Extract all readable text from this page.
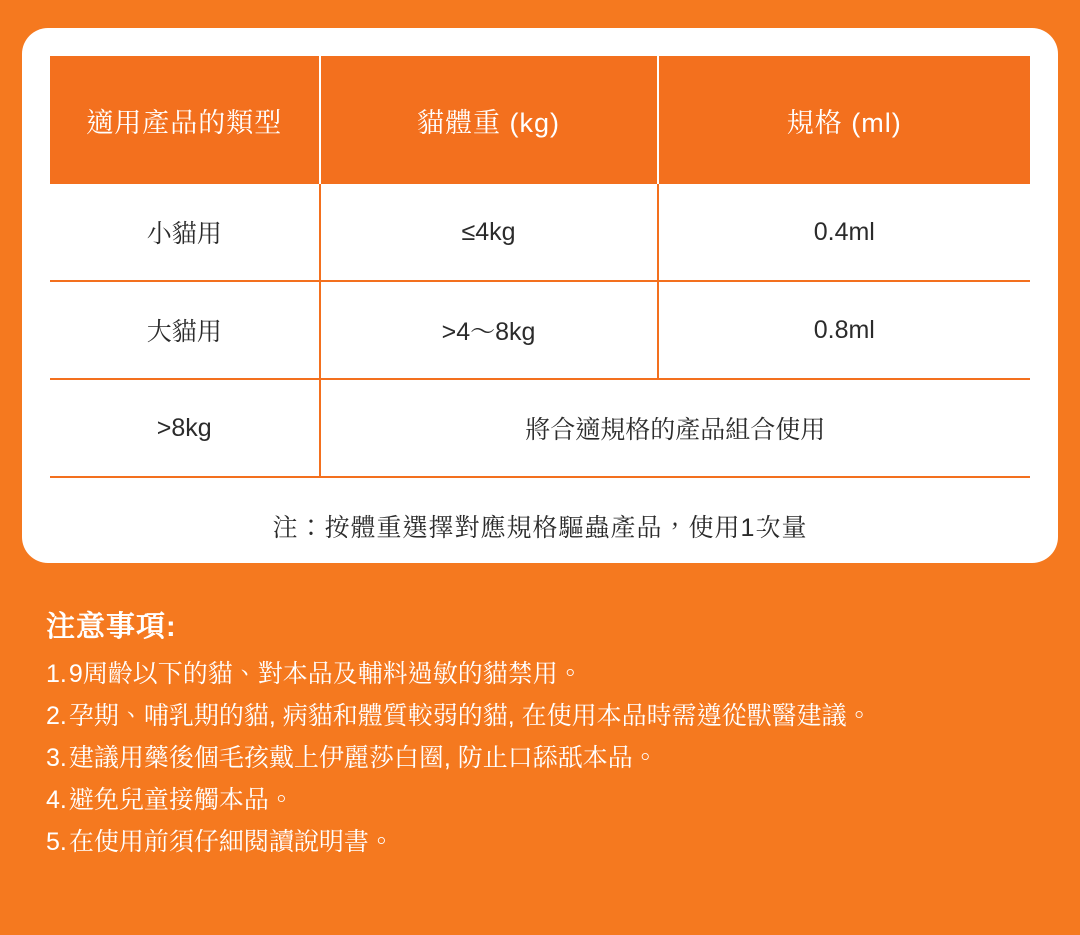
適用產品的類型	貓體重 (kg)	規格 (ml)
小貓用	≤4kg	0.4ml
大貓用	>4〜8kg	0.8ml
>8kg	將合適規格的產品組合使用	
注：按體重選擇對應規格驅蟲產品，使用1次量		
注意事項:
1. 9周齡以下的貓、對本品及輔料過敏的貓禁用。
2. 孕期、哺乳期的貓, 病貓和體質較弱的貓, 在使用本品時需遵從獸醫建議。
3. 建議用藥後個毛孩戴上伊麗莎白圈, 防止口舔舐本品。
4. 避免兒童接觸本品。
5. 在使用前須仔細閱讀說明書。
